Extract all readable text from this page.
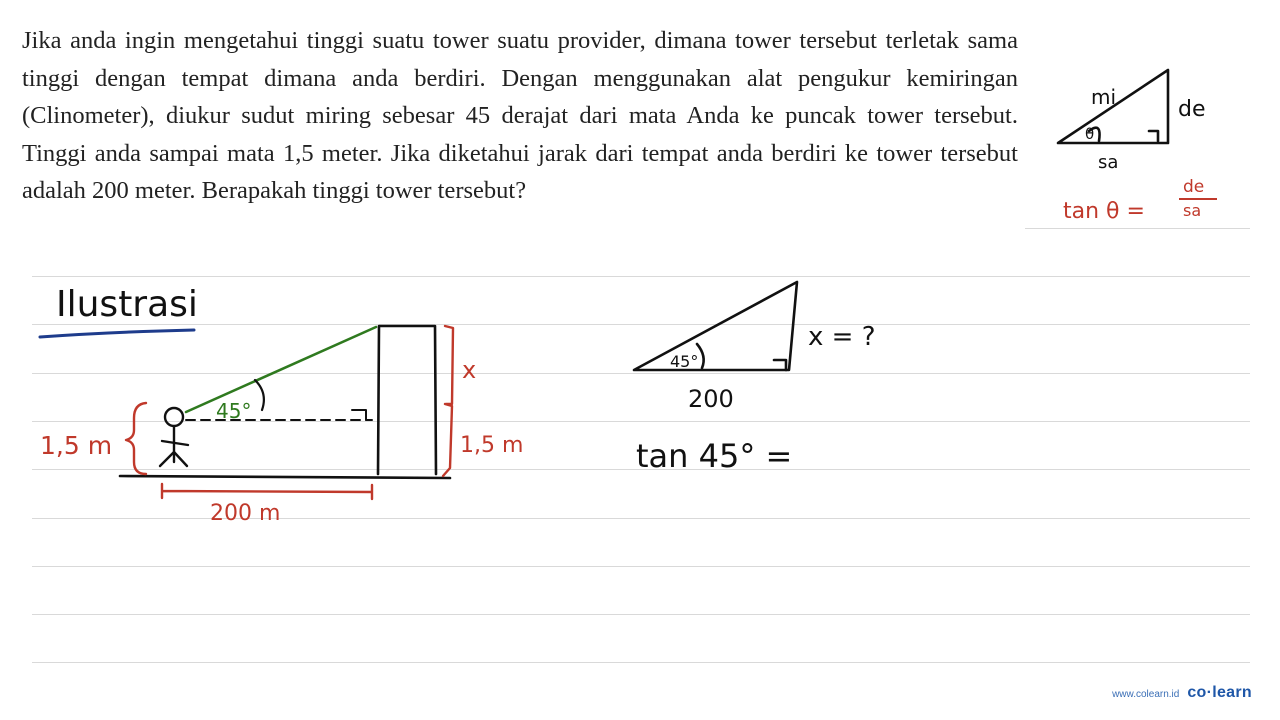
Jika anda ingin mengetahui tinggi suatu tower suatu provider, dimana tower tersebut terletak sama tinggi dengan tempat dimana anda berdiri. Dengan menggunakan alat pengukur kemiringan (Clinometer), diukur sudut miring sebesar 45 derajat dari mata Anda ke puncak tower tersebut. Tinggi anda sampai mata 1,5 meter. Jika diketahui jarak dari tempat anda berdiri ke tower tersebut adalah 200 meter. Berapakah tinggi tower tersebut?

mi	de
sa
θ
tan θ =
de
sa
Ilustrasi
45°
1,5 m
x
1,5 m
200 m
45°
200
x = ?
tan 45° =
www.colearn.id co·learn
